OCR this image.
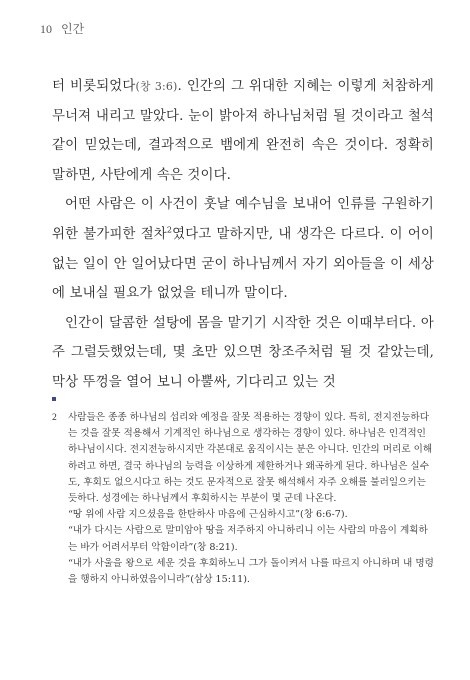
10 인간

터 비롯되었다(창 3:6). 인간의 그 위대한 지혜는 이렇게 처참하게 무너져 내리고 말았다. 눈이 밝아져 하나님처럼 될 것이라고 철석같이 믿었는데, 결과적으로 뱀에게 완전히 속은 것이다. 정확히 말하면, 사탄에게 속은 것이다.

어떤 사람은 이 사건이 훗날 예수님을 보내어 인류를 구원하기 위한 불가피한 절차$^2$였다고 말하지만, 내 생각은 다르다. 이 어이없는 일이 안 일어났다면 굳이 하나님께서 자기 외아들을 이 세상에 보내실 필요가 없었을 테니까 말이다.

인간이 달콤한 설탕에 몸을 맡기기 시작한 것은 이때부터다. 아주 그럴듯했었는데, 몇 초만 있으면 창조주처럼 될 것 같았는데, 막상 뚜껑을 열어 보니 아뿔싸, 기다리고 있는 것

2	사람들은 종종 하나님의 섭리와 예정을 잘못 적용하는 경향이 있다. 특히, 전지전능하다는 것을 잘못 적용해서 기계적인 하나님으로 생각하는 경향이 있다. 하나님은 인격적인 하나님이시다. 전지전능하시지만 각본대로 움직이시는 분은 아니다. 인간의 머리로 이해하려고 하면, 결국 하나님의 능력을 이상하게 제한하거나 왜곡하게 된다. 하나님은 실수도, 후회도 없으시다고 하는 것도 문자적으로 잘못 해석해서 자주 오해를 불러일으키는 듯하다. 성경에는 하나님께서 후회하시는 부분이 몇 군데 나온다.
“땅 위에 사람 지으셨음을 한탄하사 마음에 근심하시고”(창 6:6-7).
“내가 다시는 사람으로 말미암아 땅을 저주하지 아니하리니 이는 사람의 마음이 계획하는 바가 어려서부터 악함이라”(창 8:21).
“내가 사울을 왕으로 세운 것을 후회하노니 그가 돌이켜서 나를 따르지 아니하며 내 명령을 행하지 아니하였음이니라”(삼상 15:11).
